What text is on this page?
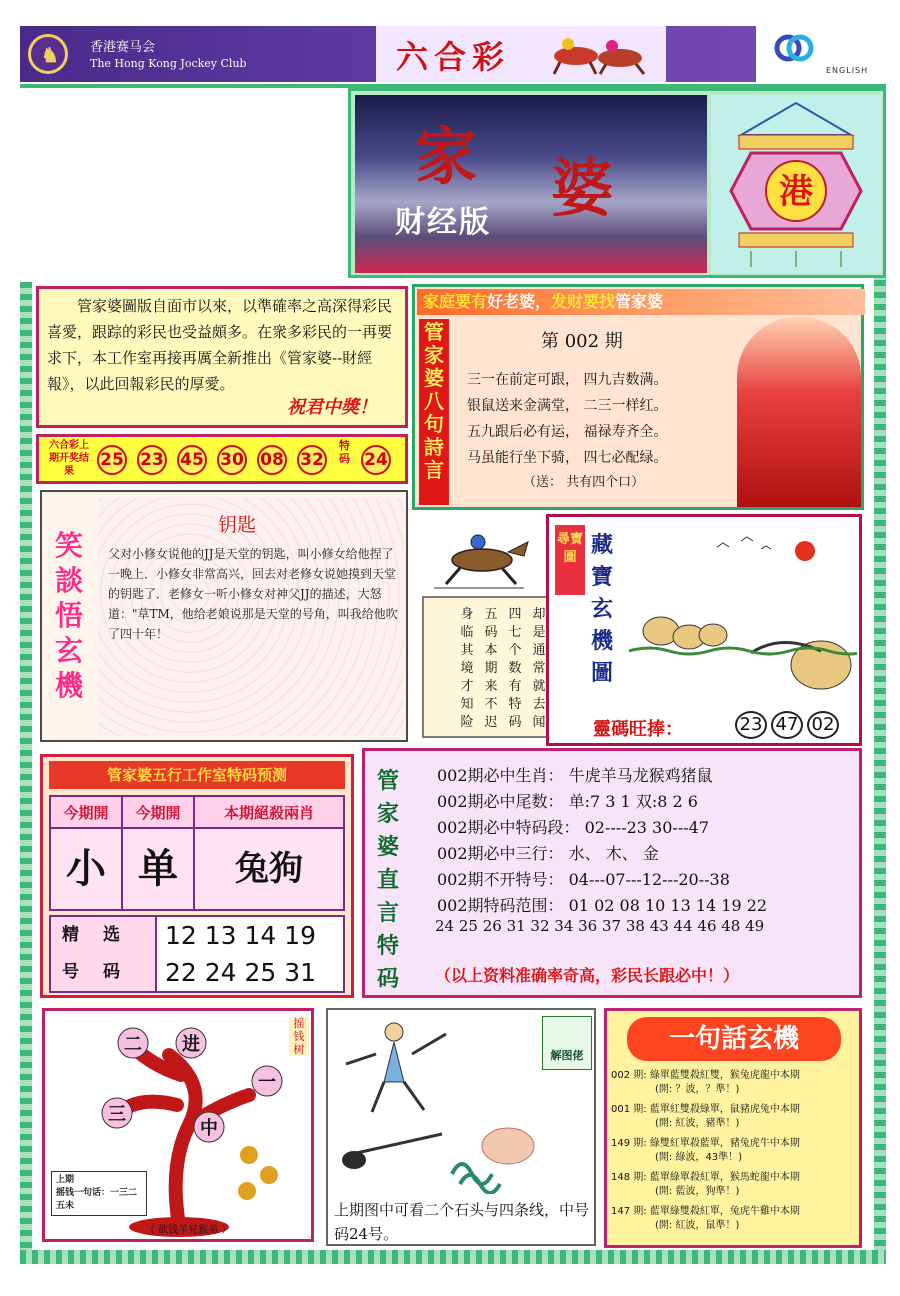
♞ 香港赛马会
The Hong Kong Jockey Club	六合彩	ENGLISH
家 婆
财经版
港
管家婆圖版自面市以來，以準確率之高深得彩民喜愛，跟踪的彩民也受益頗多。在衆多彩民的一再要求下，本工作室再接再厲全新推出《管家婆--財經報》，以此回報彩民的厚愛。
祝君中獎！
六合彩上期开奖结果
25 23 45 30 08 32
特码 24
家庭要有好老婆，发财要找管家婆
管家婆八句詩言
第 002 期
三一在前定可跟， 四九吉数满。
银鼠送来金满堂， 二三一样红。
五九跟后必有运， 福禄寿齐全。
马虽能行坐下骑， 四七必配绿。
（送： 共有四个口）
笑談悟玄機
钥匙
父对小修女说他的JJ是天堂的钥匙，叫小修女给他捏了一晚上．小修女非常高兴，回去对老修女说她摸到天堂的钥匙了．老修女一听小修女对神父JJ的描述，大怒道："草TM，他给老娘说那是天堂的号角，叫我给他吹了四十年！
却是通常就去闻
四七个数有特码
五码本期来不迟
身临其境才知险
尋寶圖 藏寶玄機圖
靈碼旺捧：	23 47 02
管家婆五行工作室特码预测
今期開	今期開	本期絕殺兩肖
小 单	兔狗
精选号码
12 13 14 19
22 24 25 31
管家婆直言特码
002期必中生肖： 牛虎羊马龙猴鸡猪鼠
002期必中尾数： 单:7 3 1 双:8 2 6
002期必中特码段： 02----23 30---47
002期必中三行： 水、 木、 金
002期不开特号： 04---07---12---20--38
002期特码范围： 01 02 08 10 13 14 19 22
24 25 26 31 32 34 36 37 38 43 44 46 48 49
（以上资料准确率奇高，彩民长跟必中！）
二 进
一
三
中
摇钱树
上期
摇钱一句话：一三二五未
（ 欲钱羊兄猴弟 ）
解图佬
上期图中可看二个石头与四条线，中号码24号。
一句話玄機
002 期: 綠單藍雙殺紅雙，猴兔虎龍中本期
(開: ？波，？準！)
001 期: 藍單紅雙殺綠單，鼠豬虎兔中本期
(開: 紅波，豬準！)
149 期: 綠雙紅單殺藍單，豬兔虎牛中本期
(開: 綠波，43準！)
148 期: 藍單綠單殺紅單，猴馬蛇龍中本期
(開: 藍波，狗準！)
147 期: 藍單綠雙殺紅單，兔虎牛雞中本期
(開: 紅波，鼠準！)
